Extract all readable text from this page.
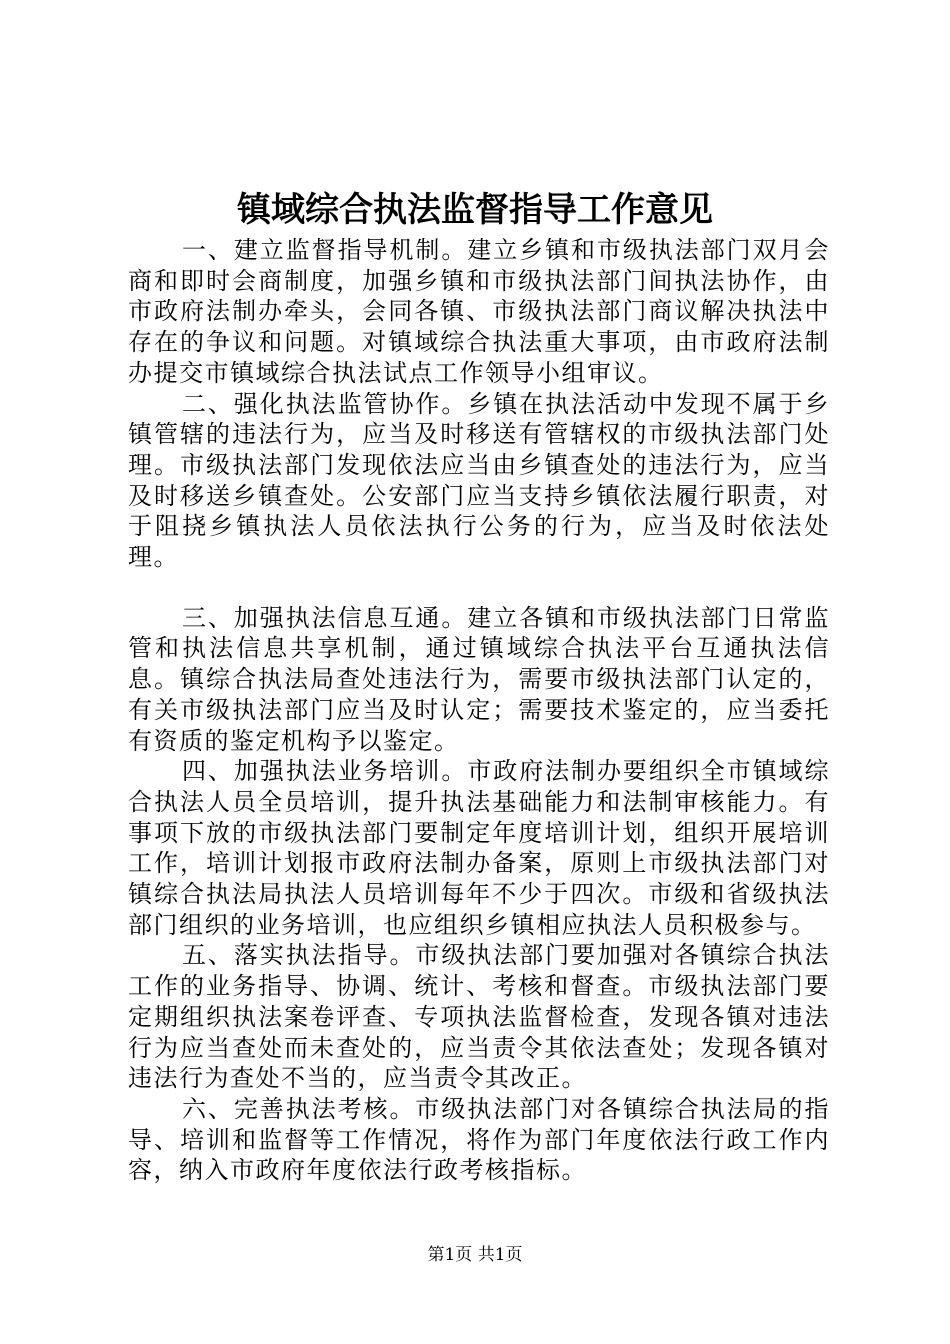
镇域综合执法监督指导工作意见

一、建立监督指导机制。建立乡镇和市级执法部门双月会商和即时会商制度，加强乡镇和市级执法部门间执法协作，由市政府法制办牵头，会同各镇、市级执法部门商议解决执法中存在的争议和问题。对镇域综合执法重大事项，由市政府法制办提交市镇域综合执法试点工作领导小组审议。

二、强化执法监管协作。乡镇在执法活动中发现不属于乡镇管辖的违法行为，应当及时移送有管辖权的市级执法部门处理。市级执法部门发现依法应当由乡镇查处的违法行为，应当及时移送乡镇查处。公安部门应当支持乡镇依法履行职责，对于阻挠乡镇执法人员依法执行公务的行为，应当及时依法处理。

三、加强执法信息互通。建立各镇和市级执法部门日常监管和执法信息共享机制，通过镇域综合执法平台互通执法信息。镇综合执法局查处违法行为，需要市级执法部门认定的，有关市级执法部门应当及时认定；需要技术鉴定的，应当委托有资质的鉴定机构予以鉴定。

四、加强执法业务培训。市政府法制办要组织全市镇域综合执法人员全员培训，提升执法基础能力和法制审核能力。有事项下放的市级执法部门要制定年度培训计划，组织开展培训工作，培训计划报市政府法制办备案，原则上市级执法部门对镇综合执法局执法人员培训每年不少于四次。市级和省级执法部门组织的业务培训，也应组织乡镇相应执法人员积极参与。

五、落实执法指导。市级执法部门要加强对各镇综合执法工作的业务指导、协调、统计、考核和督查。市级执法部门要定期组织执法案卷评查、专项执法监督检查，发现各镇对违法行为应当查处而未查处的，应当责令其依法查处；发现各镇对违法行为查处不当的，应当责令其改正。

六、完善执法考核。市级执法部门对各镇综合执法局的指导、培训和监督等工作情况，将作为部门年度依法行政工作内容，纳入市政府年度依法行政考核指标。

第1页 共1页
